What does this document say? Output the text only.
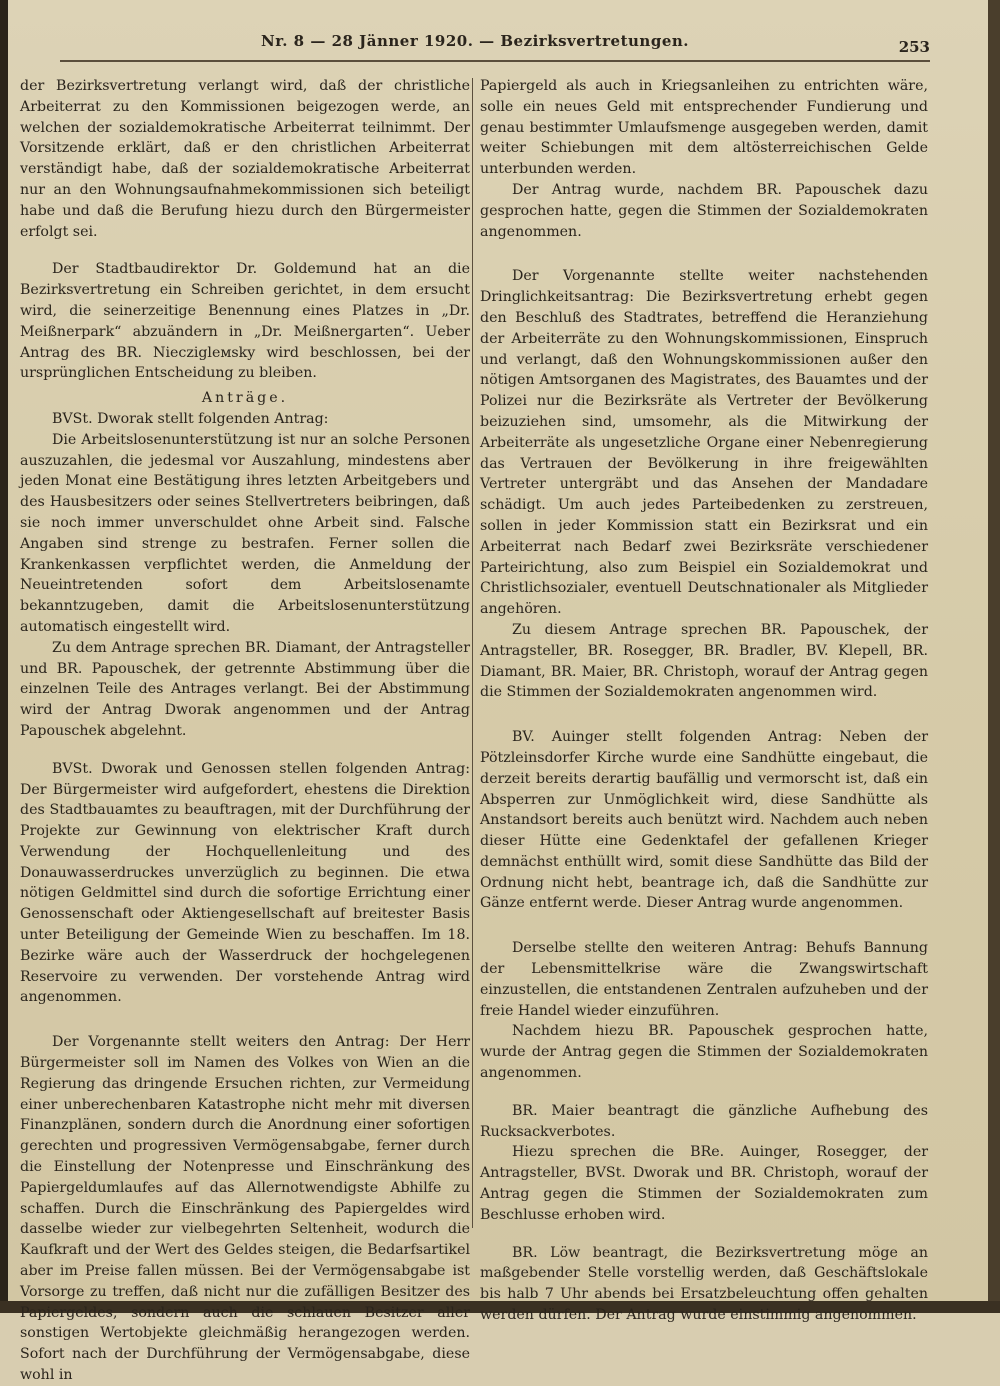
Nr. 8 — 28 Jänner 1920. — Bezirksvertretungen.	253

der Bezirksvertretung verlangt wird, daß der christliche Arbeiterrat zu den Kommissionen beigezogen werde, an welchen der sozialdemokratische Arbeiterrat teilnimmt. Der Vorsitzende erklärt, daß er den christlichen Arbeiterrat verständigt habe, daß der sozialdemokratische Arbeiterrat nur an den Wohnungsaufnahmekommissionen sich beteiligt habe und daß die Berufung hiezu durch den Bürgermeister erfolgt sei.

Der Stadtbaudirektor Dr. Goldemund hat an die Bezirksvertretung ein Schreiben gerichtet, in dem ersucht wird, die seinerzeitige Benennung eines Platzes in „Dr. Meißnerpark“ abzuändern in „Dr. Meißnergarten“. Ueber Antrag des BR. Nieczigleмsky wird beschlossen, bei der ursprünglichen Entscheidung zu bleiben.

Anträge.

BVSt. Dworak stellt folgenden Antrag:

Die Arbeitslosenunterstützung ist nur an solche Personen auszuzahlen, die jedesmal vor Auszahlung, mindestens aber jeden Monat eine Bestätigung ihres letzten Arbeitgebers und des Hausbesitzers oder seines Stellvertreters beibringen, daß sie noch immer unverschuldet ohne Arbeit sind. Falsche Angaben sind strenge zu bestrafen. Ferner sollen die Krankenkassen verpflichtet werden, die Anmeldung der Neueintretenden sofort dem Arbeitslosenamte bekanntzugeben, damit die Arbeitslosenunterstützung automatisch eingestellt wird.

Zu dem Antrage sprechen BR. Diamant, der Antragsteller und BR. Papouschek, der getrennte Abstimmung über die einzelnen Teile des Antrages verlangt. Bei der Abstimmung wird der Antrag Dworak angenommen und der Antrag Papouschek abgelehnt.

BVSt. Dworak und Genossen stellen folgenden Antrag: Der Bürgermeister wird aufgefordert, ehestens die Direktion des Stadtbauamtes zu beauftragen, mit der Durchführung der Projekte zur Gewinnung von elektrischer Kraft durch Verwendung der Hochquellenleitung und des Donauwasserdruckes unverzüglich zu beginnen. Die etwa nötigen Geldmittel sind durch die sofortige Errichtung einer Genossenschaft oder Aktiengesellschaft auf breitester Basis unter Beteiligung der Gemeinde Wien zu beschaffen. Im 18. Bezirke wäre auch der Wasserdruck der hochgelegenen Reservoire zu verwenden. Der vorstehende Antrag wird angenommen.

Der Vorgenannte stellt weiters den Antrag: Der Herr Bürgermeister soll im Namen des Volkes von Wien an die Regierung das dringende Ersuchen richten, zur Vermeidung einer unberechenbaren Katastrophe nicht mehr mit diversen Finanzplänen, sondern durch die Anordnung einer sofortigen gerechten und progressiven Vermögensabgabe, ferner durch die Einstellung der Notenpresse und Einschränkung des Papiergeldumlaufes auf das Allernotwendigste Abhilfe zu schaffen. Durch die Einschränkung des Papiergeldes wird dasselbe wieder zur vielbegehrten Seltenheit, wodurch die Kaufkraft und der Wert des Geldes steigen, die Bedarfsartikel aber im Preise fallen müssen. Bei der Vermögensabgabe ist Vorsorge zu treffen, daß nicht nur die zufälligen Besitzer des Papiergeldes, sondern auch die schlauen Besitzer aller sonstigen Wertobjekte gleichmäßig herangezogen werden. Sofort nach der Durchführung der Vermögensabgabe, diese wohl in

Papiergeld als auch in Kriegsanleihen zu entrichten wäre, solle ein neues Geld mit entsprechender Fundierung und genau bestimmter Umlaufsmenge ausgegeben werden, damit weiter Schiebungen mit dem altösterreichischen Gelde unterbunden werden.

Der Antrag wurde, nachdem BR. Papouschek dazu gesprochen hatte, gegen die Stimmen der Sozialdemokraten angenommen.

Der Vorgenannte stellte weiter nachstehenden Dringlichkeitsantrag: Die Bezirksvertretung erhebt gegen den Beschluß des Stadtrates, betreffend die Heranziehung der Arbeiterräte zu den Wohnungskommissionen, Einspruch und verlangt, daß den Wohnungskommissionen außer den nötigen Amtsorganen des Magistrates, des Bauamtes und der Polizei nur die Bezirksräte als Vertreter der Bevölkerung beizuziehen sind, umsomehr, als die Mitwirkung der Arbeiterräte als ungesetzliche Organe einer Nebenregierung das Vertrauen der Bevölkerung in ihre freigewählten Vertreter untergräbt und das Ansehen der Mandadare schädigt. Um auch jedes Parteibedenken zu zerstreuen, sollen in jeder Kommission statt ein Bezirksrat und ein Arbeiterrat nach Bedarf zwei Bezirksräte verschiedener Parteirichtung, also zum Beispiel ein Sozialdemokrat und Christlichsozialer, eventuell Deutschnationaler als Mitglieder angehören.

Zu diesem Antrage sprechen BR. Papouschek, der Antragsteller, BR. Rosegger, BR. Bradler, BV. Klepell, BR. Diamant, BR. Maier, BR. Christoph, worauf der Antrag gegen die Stimmen der Sozialdemokraten angenommen wird.

BV. Auinger stellt folgenden Antrag: Neben der Pötzleinsdorfer Kirche wurde eine Sandhütte eingebaut, die derzeit bereits derartig baufällig und vermorscht ist, daß ein Absperren zur Unmöglichkeit wird, diese Sandhütte als Anstandsort bereits auch benützt wird. Nachdem auch neben dieser Hütte eine Gedenktafel der gefallenen Krieger demnächst enthüllt wird, somit diese Sandhütte das Bild der Ordnung nicht hebt, beantrage ich, daß die Sandhütte zur Gänze entfernt werde. Dieser Antrag wurde angenommen.

Derselbe stellte den weiteren Antrag: Behufs Bannung der Lebensmittelkrise wäre die Zwangswirtschaft einzustellen, die entstandenen Zentralen aufzuheben und der freie Handel wieder einzuführen.

Nachdem hiezu BR. Papouschek gesprochen hatte, wurde der Antrag gegen die Stimmen der Sozialdemokraten angenommen.

BR. Maier beantragt die gänzliche Aufhebung des Rucksackverbotes.

Hiezu sprechen die BRe. Auinger, Rosegger, der Antragsteller, BVSt. Dworak und BR. Christoph, worauf der Antrag gegen die Stimmen der Sozialdemokraten zum Beschlusse erhoben wird.

BR. Löw beantragt, die Bezirksvertretung möge an maßgebender Stelle vorstellig werden, daß Geschäftslokale bis halb 7 Uhr abends bei Ersatzbeleuchtung offen gehalten werden dürfen. Der Antrag wurde einstimmig angenommen.
